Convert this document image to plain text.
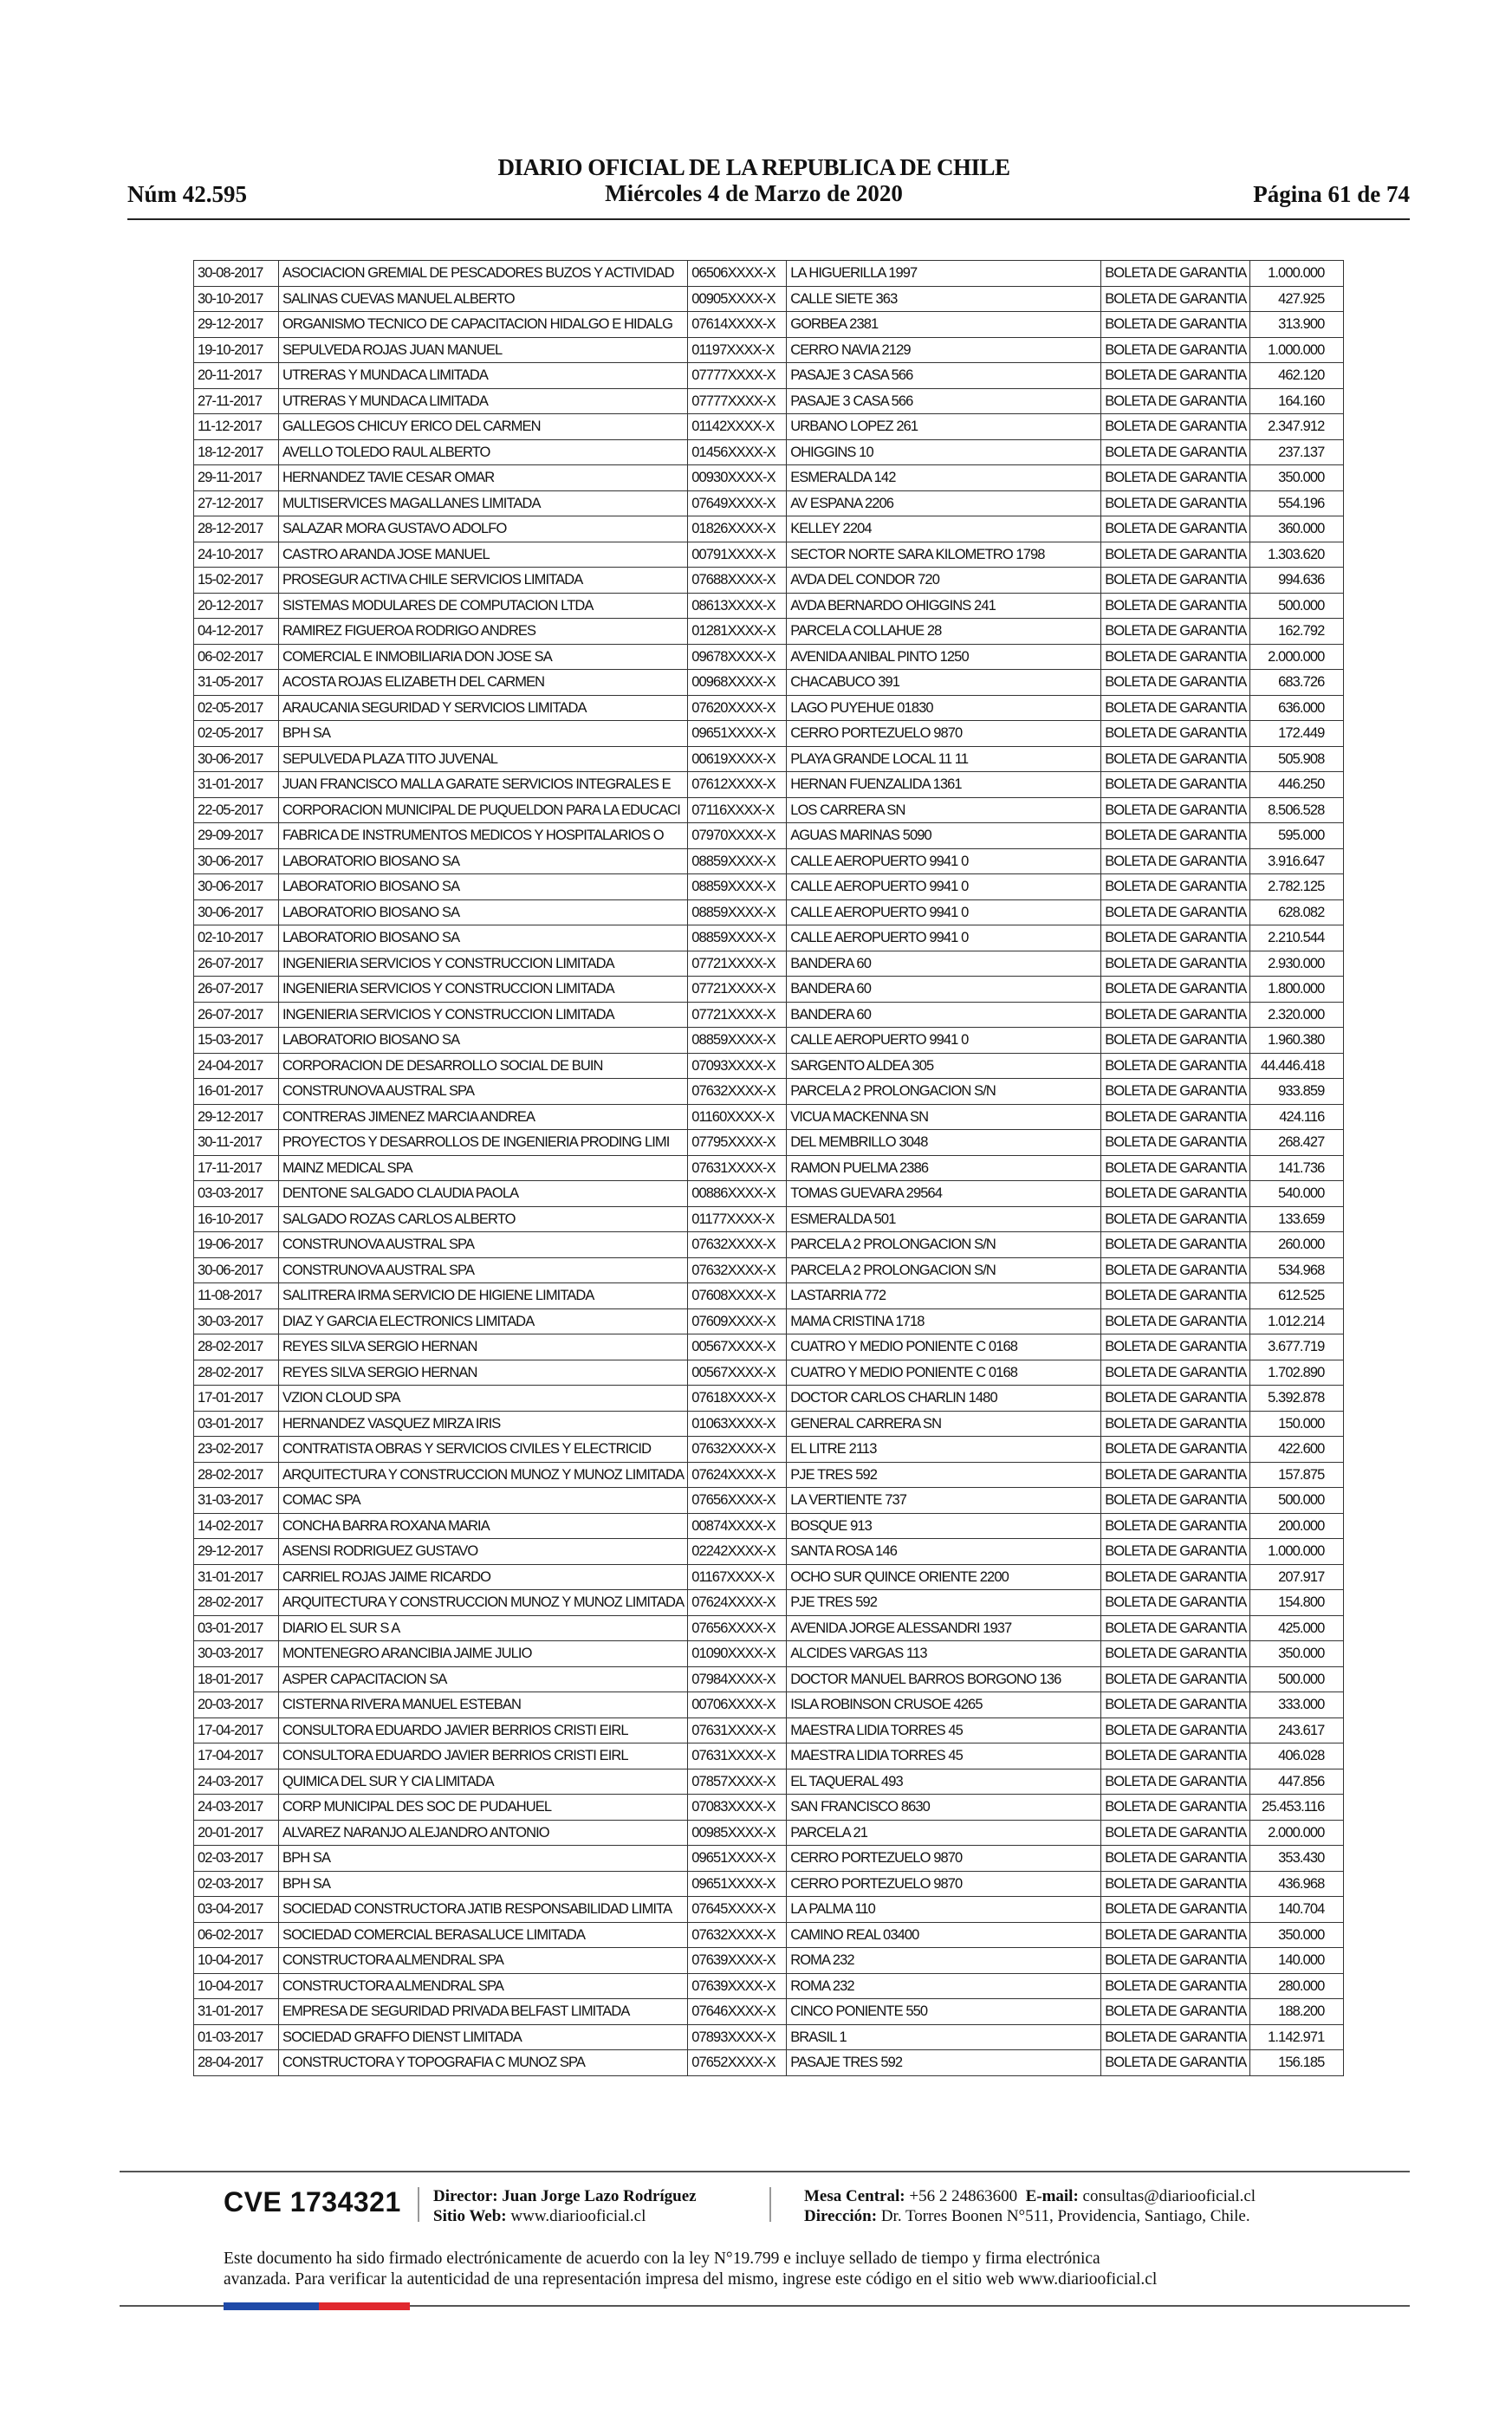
DIARIO OFICIAL DE LA REPUBLICA DE CHILE
Miércoles 4 de Marzo de 2020
Núm 42.595	Página 61 de 74
30-08-2017	ASOCIACION GREMIAL DE PESCADORES BUZOS Y ACTIVIDAD	06506XXXX-X	LA HIGUERILLA 1997	BOLETA DE GARANTIA	1.000.000
30-10-2017	SALINAS CUEVAS MANUEL ALBERTO	00905XXXX-X	CALLE SIETE 363	BOLETA DE GARANTIA	427.925
29-12-2017	ORGANISMO TECNICO DE CAPACITACION HIDALGO E HIDALG	07614XXXX-X	GORBEA 2381	BOLETA DE GARANTIA	313.900
19-10-2017	SEPULVEDA ROJAS JUAN MANUEL	01197XXXX-X	CERRO NAVIA 2129	BOLETA DE GARANTIA	1.000.000
20-11-2017	UTRERAS Y MUNDACA LIMITADA	07777XXXX-X	PASAJE 3 CASA 566	BOLETA DE GARANTIA	462.120
27-11-2017	UTRERAS Y MUNDACA LIMITADA	07777XXXX-X	PASAJE 3 CASA 566	BOLETA DE GARANTIA	164.160
11-12-2017	GALLEGOS CHICUY ERICO DEL CARMEN	01142XXXX-X	URBANO LOPEZ 261	BOLETA DE GARANTIA	2.347.912
18-12-2017	AVELLO TOLEDO RAUL ALBERTO	01456XXXX-X	OHIGGINS 10	BOLETA DE GARANTIA	237.137
29-11-2017	HERNANDEZ TAVIE CESAR OMAR	00930XXXX-X	ESMERALDA 142	BOLETA DE GARANTIA	350.000
27-12-2017	MULTISERVICES MAGALLANES LIMITADA	07649XXXX-X	AV ESPANA 2206	BOLETA DE GARANTIA	554.196
28-12-2017	SALAZAR MORA GUSTAVO ADOLFO	01826XXXX-X	KELLEY 2204	BOLETA DE GARANTIA	360.000
24-10-2017	CASTRO ARANDA JOSE MANUEL	00791XXXX-X	SECTOR NORTE SARA KILOMETRO 1798	BOLETA DE GARANTIA	1.303.620
15-02-2017	PROSEGUR ACTIVA CHILE SERVICIOS LIMITADA	07688XXXX-X	AVDA DEL CONDOR 720	BOLETA DE GARANTIA	994.636
20-12-2017	SISTEMAS MODULARES DE COMPUTACION LTDA	08613XXXX-X	AVDA BERNARDO OHIGGINS 241	BOLETA DE GARANTIA	500.000
04-12-2017	RAMIREZ FIGUEROA RODRIGO ANDRES	01281XXXX-X	PARCELA COLLAHUE 28	BOLETA DE GARANTIA	162.792
06-02-2017	COMERCIAL E INMOBILIARIA DON JOSE SA	09678XXXX-X	AVENIDA ANIBAL PINTO 1250	BOLETA DE GARANTIA	2.000.000
31-05-2017	ACOSTA ROJAS ELIZABETH DEL CARMEN	00968XXXX-X	CHACABUCO 391	BOLETA DE GARANTIA	683.726
02-05-2017	ARAUCANIA SEGURIDAD Y SERVICIOS LIMITADA	07620XXXX-X	LAGO PUYEHUE 01830	BOLETA DE GARANTIA	636.000
02-05-2017	BPH SA	09651XXXX-X	CERRO PORTEZUELO 9870	BOLETA DE GARANTIA	172.449
30-06-2017	SEPULVEDA PLAZA TITO JUVENAL	00619XXXX-X	PLAYA GRANDE LOCAL 11 11	BOLETA DE GARANTIA	505.908
31-01-2017	JUAN FRANCISCO MALLA GARATE SERVICIOS INTEGRALES E	07612XXXX-X	HERNAN FUENZALIDA 1361	BOLETA DE GARANTIA	446.250
22-05-2017	CORPORACION MUNICIPAL DE PUQUELDON PARA LA EDUCACI	07116XXXX-X	LOS CARRERA SN	BOLETA DE GARANTIA	8.506.528
29-09-2017	FABRICA DE INSTRUMENTOS MEDICOS Y HOSPITALARIOS O	07970XXXX-X	AGUAS MARINAS 5090	BOLETA DE GARANTIA	595.000
30-06-2017	LABORATORIO BIOSANO SA	08859XXXX-X	CALLE AEROPUERTO 9941 0	BOLETA DE GARANTIA	3.916.647
30-06-2017	LABORATORIO BIOSANO SA	08859XXXX-X	CALLE AEROPUERTO 9941 0	BOLETA DE GARANTIA	2.782.125
30-06-2017	LABORATORIO BIOSANO SA	08859XXXX-X	CALLE AEROPUERTO 9941 0	BOLETA DE GARANTIA	628.082
02-10-2017	LABORATORIO BIOSANO SA	08859XXXX-X	CALLE AEROPUERTO 9941 0	BOLETA DE GARANTIA	2.210.544
26-07-2017	INGENIERIA SERVICIOS Y CONSTRUCCION LIMITADA	07721XXXX-X	BANDERA 60	BOLETA DE GARANTIA	2.930.000
26-07-2017	INGENIERIA SERVICIOS Y CONSTRUCCION LIMITADA	07721XXXX-X	BANDERA 60	BOLETA DE GARANTIA	1.800.000
26-07-2017	INGENIERIA SERVICIOS Y CONSTRUCCION LIMITADA	07721XXXX-X	BANDERA 60	BOLETA DE GARANTIA	2.320.000
15-03-2017	LABORATORIO BIOSANO SA	08859XXXX-X	CALLE AEROPUERTO 9941 0	BOLETA DE GARANTIA	1.960.380
24-04-2017	CORPORACION DE DESARROLLO SOCIAL DE BUIN	07093XXXX-X	SARGENTO ALDEA 305	BOLETA DE GARANTIA	44.446.418
16-01-2017	CONSTRUNOVA AUSTRAL SPA	07632XXXX-X	PARCELA 2 PROLONGACION S/N	BOLETA DE GARANTIA	933.859
29-12-2017	CONTRERAS JIMENEZ MARCIA ANDREA	01160XXXX-X	VICUA MACKENNA SN	BOLETA DE GARANTIA	424.116
30-11-2017	PROYECTOS Y DESARROLLOS DE INGENIERIA PRODING LIMI	07795XXXX-X	DEL MEMBRILLO 3048	BOLETA DE GARANTIA	268.427
17-11-2017	MAINZ MEDICAL SPA	07631XXXX-X	RAMON PUELMA 2386	BOLETA DE GARANTIA	141.736
03-03-2017	DENTONE SALGADO CLAUDIA PAOLA	00886XXXX-X	TOMAS GUEVARA 29564	BOLETA DE GARANTIA	540.000
16-10-2017	SALGADO ROZAS CARLOS ALBERTO	01177XXXX-X	ESMERALDA 501	BOLETA DE GARANTIA	133.659
19-06-2017	CONSTRUNOVA AUSTRAL SPA	07632XXXX-X	PARCELA 2 PROLONGACION S/N	BOLETA DE GARANTIA	260.000
30-06-2017	CONSTRUNOVA AUSTRAL SPA	07632XXXX-X	PARCELA 2 PROLONGACION S/N	BOLETA DE GARANTIA	534.968
11-08-2017	SALITRERA IRMA SERVICIO DE HIGIENE LIMITADA	07608XXXX-X	LASTARRIA 772	BOLETA DE GARANTIA	612.525
30-03-2017	DIAZ Y GARCIA ELECTRONICS LIMITADA	07609XXXX-X	MAMA CRISTINA 1718	BOLETA DE GARANTIA	1.012.214
28-02-2017	REYES SILVA SERGIO HERNAN	00567XXXX-X	CUATRO Y MEDIO PONIENTE C 0168	BOLETA DE GARANTIA	3.677.719
28-02-2017	REYES SILVA SERGIO HERNAN	00567XXXX-X	CUATRO Y MEDIO PONIENTE C 0168	BOLETA DE GARANTIA	1.702.890
17-01-2017	VZION CLOUD SPA	07618XXXX-X	DOCTOR CARLOS CHARLIN 1480	BOLETA DE GARANTIA	5.392.878
03-01-2017	HERNANDEZ VASQUEZ MIRZA IRIS	01063XXXX-X	GENERAL CARRERA SN	BOLETA DE GARANTIA	150.000
23-02-2017	CONTRATISTA OBRAS Y SERVICIOS CIVILES Y ELECTRICID	07632XXXX-X	EL LITRE 2113	BOLETA DE GARANTIA	422.600
28-02-2017	ARQUITECTURA Y CONSTRUCCION MUNOZ Y MUNOZ LIMITADA	07624XXXX-X	PJE TRES 592	BOLETA DE GARANTIA	157.875
31-03-2017	COMAC SPA	07656XXXX-X	LA VERTIENTE 737	BOLETA DE GARANTIA	500.000
14-02-2017	CONCHA BARRA ROXANA MARIA	00874XXXX-X	BOSQUE 913	BOLETA DE GARANTIA	200.000
29-12-2017	ASENSI RODRIGUEZ GUSTAVO	02242XXXX-X	SANTA ROSA 146	BOLETA DE GARANTIA	1.000.000
31-01-2017	CARRIEL ROJAS JAIME RICARDO	01167XXXX-X	OCHO SUR QUINCE ORIENTE 2200	BOLETA DE GARANTIA	207.917
28-02-2017	ARQUITECTURA Y CONSTRUCCION MUNOZ Y MUNOZ LIMITADA	07624XXXX-X	PJE TRES 592	BOLETA DE GARANTIA	154.800
03-01-2017	DIARIO EL SUR S A	07656XXXX-X	AVENIDA JORGE ALESSANDRI 1937	BOLETA DE GARANTIA	425.000
30-03-2017	MONTENEGRO ARANCIBIA JAIME JULIO	01090XXXX-X	ALCIDES VARGAS 113	BOLETA DE GARANTIA	350.000
18-01-2017	ASPER CAPACITACION SA	07984XXXX-X	DOCTOR MANUEL BARROS BORGONO 136	BOLETA DE GARANTIA	500.000
20-03-2017	CISTERNA RIVERA MANUEL ESTEBAN	00706XXXX-X	ISLA ROBINSON CRUSOE 4265	BOLETA DE GARANTIA	333.000
17-04-2017	CONSULTORA EDUARDO JAVIER BERRIOS CRISTI EIRL	07631XXXX-X	MAESTRA LIDIA TORRES 45	BOLETA DE GARANTIA	243.617
17-04-2017	CONSULTORA EDUARDO JAVIER BERRIOS CRISTI EIRL	07631XXXX-X	MAESTRA LIDIA TORRES 45	BOLETA DE GARANTIA	406.028
24-03-2017	QUIMICA DEL SUR Y CIA LIMITADA	07857XXXX-X	EL TAQUERAL 493	BOLETA DE GARANTIA	447.856
24-03-2017	CORP MUNICIPAL DES SOC DE PUDAHUEL	07083XXXX-X	SAN FRANCISCO 8630	BOLETA DE GARANTIA	25.453.116
20-01-2017	ALVAREZ NARANJO ALEJANDRO ANTONIO	00985XXXX-X	PARCELA 21	BOLETA DE GARANTIA	2.000.000
02-03-2017	BPH SA	09651XXXX-X	CERRO PORTEZUELO 9870	BOLETA DE GARANTIA	353.430
02-03-2017	BPH SA	09651XXXX-X	CERRO PORTEZUELO 9870	BOLETA DE GARANTIA	436.968
03-04-2017	SOCIEDAD CONSTRUCTORA JATIB RESPONSABILIDAD LIMITA	07645XXXX-X	LA PALMA 110	BOLETA DE GARANTIA	140.704
06-02-2017	SOCIEDAD COMERCIAL BERASALUCE LIMITADA	07632XXXX-X	CAMINO REAL 03400	BOLETA DE GARANTIA	350.000
10-04-2017	CONSTRUCTORA ALMENDRAL SPA	07639XXXX-X	ROMA 232	BOLETA DE GARANTIA	140.000
10-04-2017	CONSTRUCTORA ALMENDRAL SPA	07639XXXX-X	ROMA 232	BOLETA DE GARANTIA	280.000
31-01-2017	EMPRESA DE SEGURIDAD PRIVADA BELFAST LIMITADA	07646XXXX-X	CINCO PONIENTE 550	BOLETA DE GARANTIA	188.200
01-03-2017	SOCIEDAD GRAFFO DIENST LIMITADA	07893XXXX-X	BRASIL 1	BOLETA DE GARANTIA	1.142.971
28-04-2017	CONSTRUCTORA Y TOPOGRAFIA C MUNOZ SPA	07652XXXX-X	PASAJE TRES 592	BOLETA DE GARANTIA	156.185
CVE 1734321 Director: Juan Jorge Lazo Rodríguez
Sitio Web: www.diariooficial.cl
Mesa Central: +56 2 24863600 E-mail: consultas@diariooficial.cl
Dirección: Dr. Torres Boonen N°511, Providencia, Santiago, Chile.
Este documento ha sido firmado electrónicamente de acuerdo con la ley N°19.799 e incluye sellado de tiempo y firma electrónica
avanzada. Para verificar la autenticidad de una representación impresa del mismo, ingrese este código en el sitio web www.diariooficial.cl
